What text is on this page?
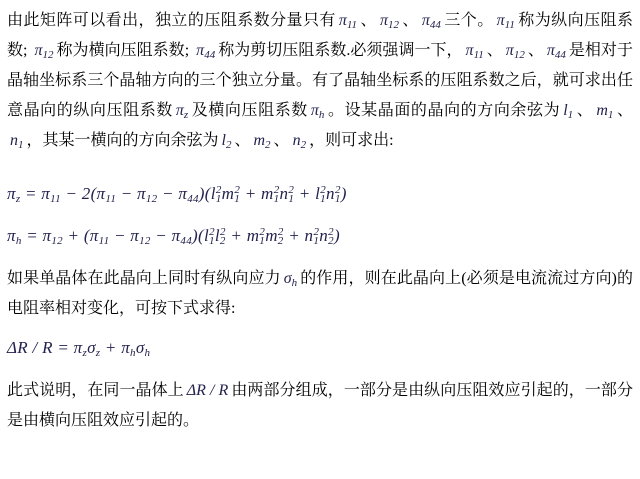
由此矩阵可以看出，独立的压阻系数分量只有 $\pi_{11}$ 、 $\pi_{12}$ 、 $\pi_{44}$ 三个。 $\pi_{11}$ 称为纵向压阻系数; $\pi_{12}$ 称为横向压阻系数; $\pi_{44}$ 称为剪切压阻系数.必须强调一下， $\pi_{11}$ 、 $\pi_{12}$ 、 $\pi_{44}$ 是相对于晶轴坐标系三个晶轴方向的三个独立分量。有了晶轴坐标系的压阻系数之后，就可求出任意晶向的纵向压阻系数 $\pi_z$ 及横向压阻系数 $\pi_h$ 。设某晶面的晶向的方向余弦为 $l_1$ 、 $m_1$ 、$n_1$ ，其某一横向的方向余弦为 $l_2$ 、 $m_2$ 、 $n_2$ ，则可求出:

$\pi_z = \pi_{11} - 2(\pi_{11} - \pi_{12} - \pi_{44})(l_1^2m_1^2 + m_1^2n_1^2 + l_1^2n_1^2)$
$\pi_h = \pi_{12} + (\pi_{11} - \pi_{12} - \pi_{44})(l_1^2l_2^2 + m_1^2m_2^2 + n_1^2n_2^2)$

如果单晶体在此晶向上同时有纵向应力 $\sigma_h$ 的作用，则在此晶向上(必须是电流流过方向)的电阻率相对变化，可按下式求得:

$\Delta R / R = \pi_z\sigma_z + \pi_h\sigma_h$

此式说明，在同一晶体上 ΔR / R 由两部分组成，一部分是由纵向压阻效应引起的，一部分是由横向压阻效应引起的。
